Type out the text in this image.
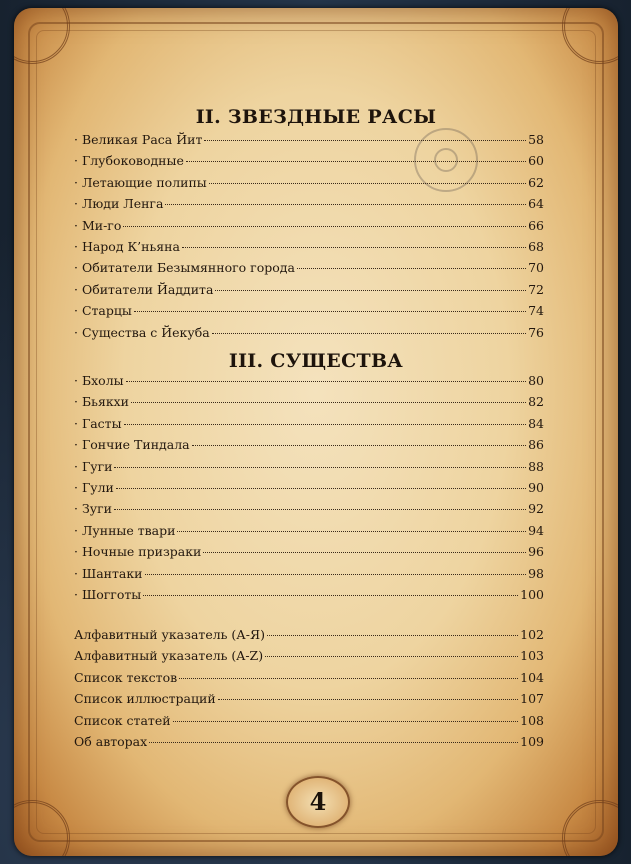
II. ЗВЕЗДНЫЕ РАСЫ
· Великая Раса Йит	58
· Глубоководные	60
· Летающие полипы	62
· Люди Ленга	64
· Ми-го	66
· Народ К’ньяна	68
· Обитатели Безымянного города	70
· Обитатели Йаддита	72
· Старцы	74
· Существа с Йекуба	76
III. СУЩЕСТВА
· Бхолы	80
· Бьякхи	82
· Гасты	84
· Гончие Тиндала	86
· Гуги	88
· Гули	90
· Зуги	92
· Лунные твари	94
· Ночные призраки	96
· Шантаки	98
· Шогготы	100
Алфавитный указатель (А-Я)	102
Алфавитный указатель (A-Z)	103
Список текстов	104
Список иллюстраций	107
Список статей	108
Об авторах	109
4
